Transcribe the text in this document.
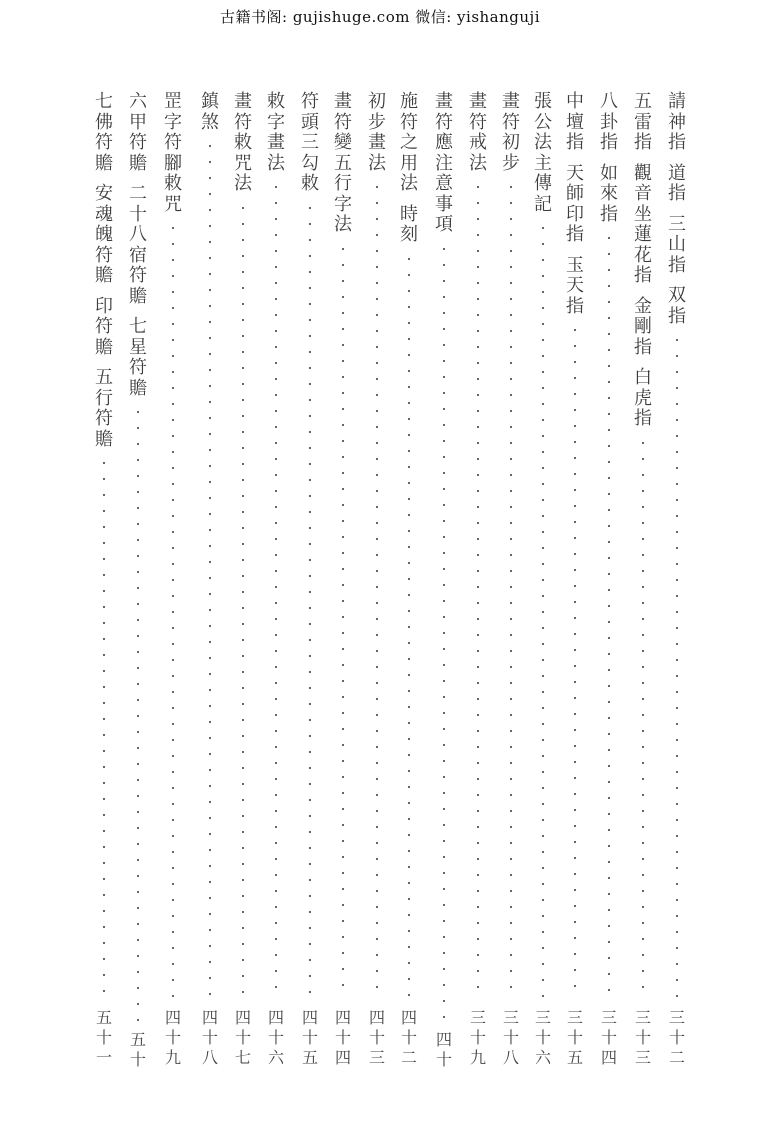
古籍书阁: gujishuge.com 微信: yishanguji
請
神
指
道
指
三
山
指
双
指
三
十
二
五
雷
指
觀
音
坐
蓮
花
指
金
剛
指
白
虎
指
三
十
三
八
卦
指
如
來
指
三
十
四
中
壇
指
天
師
印
指
玉
天
指
三
十
五
張
公
法
主
傳
記
三
十
六
畫
符
初
步
三
十
八
畫
符
戒
法
三
十
九
畫
符
應
注
意
事
項
四
十
施
符
之
用
法
時
刻
四
十
二
初
步
畫
法
四
十
三
畫
符
變
五
行
字
法
四
十
四
符
頭
三
勾
敕
四
十
五
敕
字
畫
法
四
十
六
畫
符
敕
咒
法
四
十
七
鎮
煞
四
十
八
罡
字
符
腳
敕
咒
四
十
九
六
甲
符
贍
二
十
八
宿
符
贍
七
星
符
贍
五
十
七
佛
符
贍
安
魂
魄
符
贍
印
符
贍
五
行
符
贍
五
十
一
